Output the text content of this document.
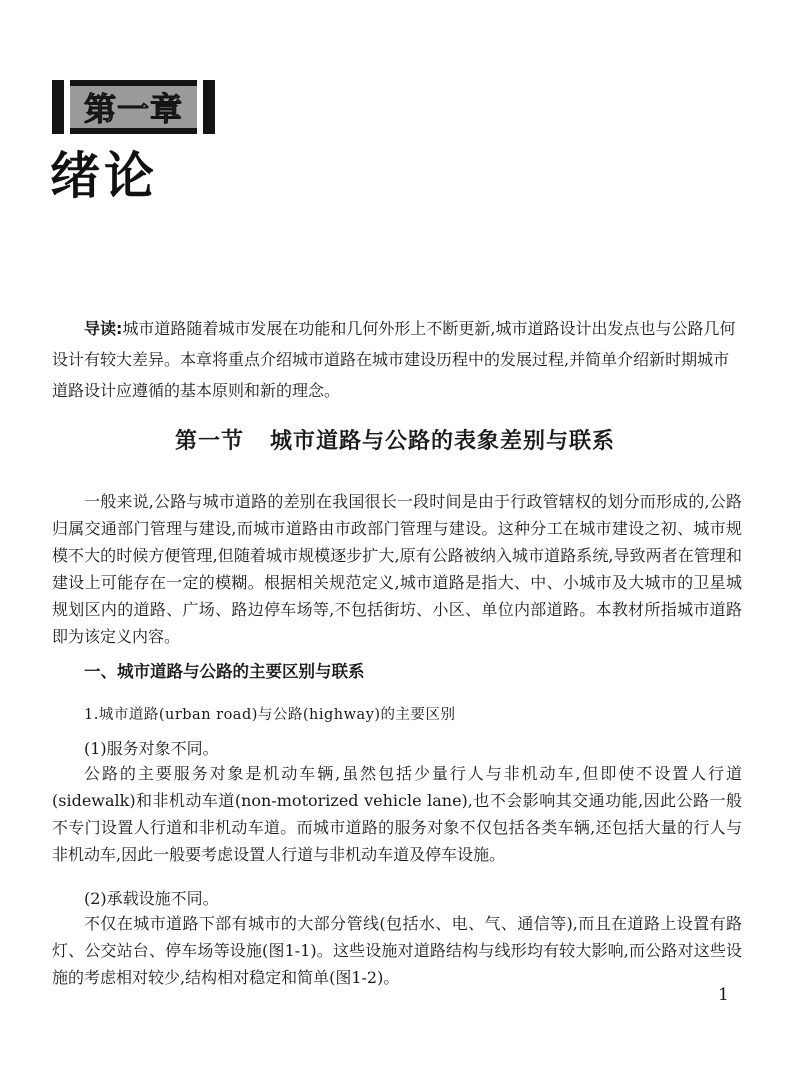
第一章
绪论

导读:城市道路随着城市发展在功能和几何外形上不断更新,城市道路设计出发点也与公路几何设计有较大差异。本章将重点介绍城市道路在城市建设历程中的发展过程,并简单介绍新时期城市道路设计应遵循的基本原则和新的理念。

第一节 城市道路与公路的表象差别与联系

一般来说,公路与城市道路的差别在我国很长一段时间是由于行政管辖权的划分而形成的,公路归属交通部门管理与建设,而城市道路由市政部门管理与建设。这种分工在城市建设之初、城市规模不大的时候方便管理,但随着城市规模逐步扩大,原有公路被纳入城市道路系统,导致两者在管理和建设上可能存在一定的模糊。根据相关规范定义,城市道路是指大、中、小城市及大城市的卫星城规划区内的道路、广场、路边停车场等,不包括街坊、小区、单位内部道路。本教材所指城市道路即为该定义内容。

一、城市道路与公路的主要区别与联系

1.城市道路(urban road)与公路(highway)的主要区别

(1)服务对象不同。

公路的主要服务对象是机动车辆,虽然包括少量行人与非机动车,但即使不设置人行道(sidewalk)和非机动车道(non-motorized vehicle lane),也不会影响其交通功能,因此公路一般不专门设置人行道和非机动车道。而城市道路的服务对象不仅包括各类车辆,还包括大量的行人与非机动车,因此一般要考虑设置人行道与非机动车道及停车设施。

(2)承载设施不同。

不仅在城市道路下部有城市的大部分管线(包括水、电、气、通信等),而且在道路上设置有路灯、公交站台、停车场等设施(图1-1)。这些设施对道路结构与线形均有较大影响,而公路对这些设施的考虑相对较少,结构相对稳定和简单(图1-2)。

1
